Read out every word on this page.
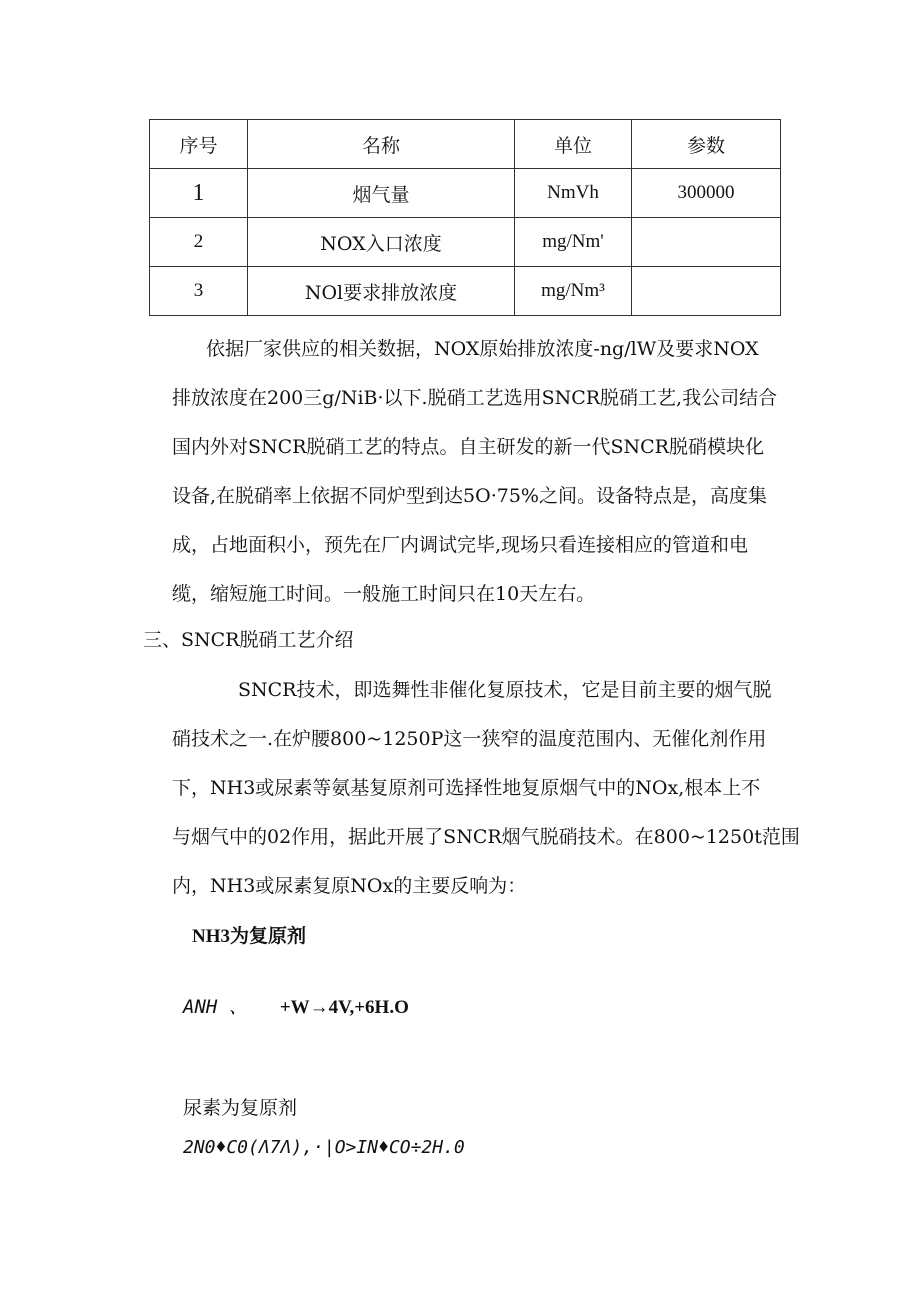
序号	名称	单位	参数
1	烟气量	NmVh	300000
2	NOX入口浓度	mg/Nm'	
3	NOl要求排放浓度	mg/Nm³	
依据厂家供应的相关数据，NOX原始排放浓度-ng/lW及要求NOX
排放浓度在200三g/NiB·以下.脱硝工艺选用SNCR脱硝工艺,我公司结合
国内外对SNCR脱硝工艺的特点。自主研发的新一代SNCR脱硝模块化
设备,在脱硝率上依据不同炉型到达5O·75%之间。设备特点是，高度集
成，占地面积小，预先在厂内调试完毕,现场只看连接相应的管道和电
缆，缩短施工时间。一般施工时间只在10天左右。
三、SNCR脱硝工艺介绍
SNCR技术，即选舞性非催化复原技术，它是目前主要的烟气脱
硝技术之一.在炉腰800~1250P这一狭窄的温度范围内、无催化剂作用
下，NH3或尿素等氨基复原剂可选择性地复原烟气中的NOx,根本上不
与烟气中的02作用，据此开展了SNCR烟气脱硝技术。在800~1250t范围
内，NH3或尿素复原NOx的主要反响为：
NH3为复原剂
ANH 、 +W→4V,+6H.O
尿素为复原剂
2N0♦C0(Λ7Λ),·|O>IN♦CO÷2H.0
